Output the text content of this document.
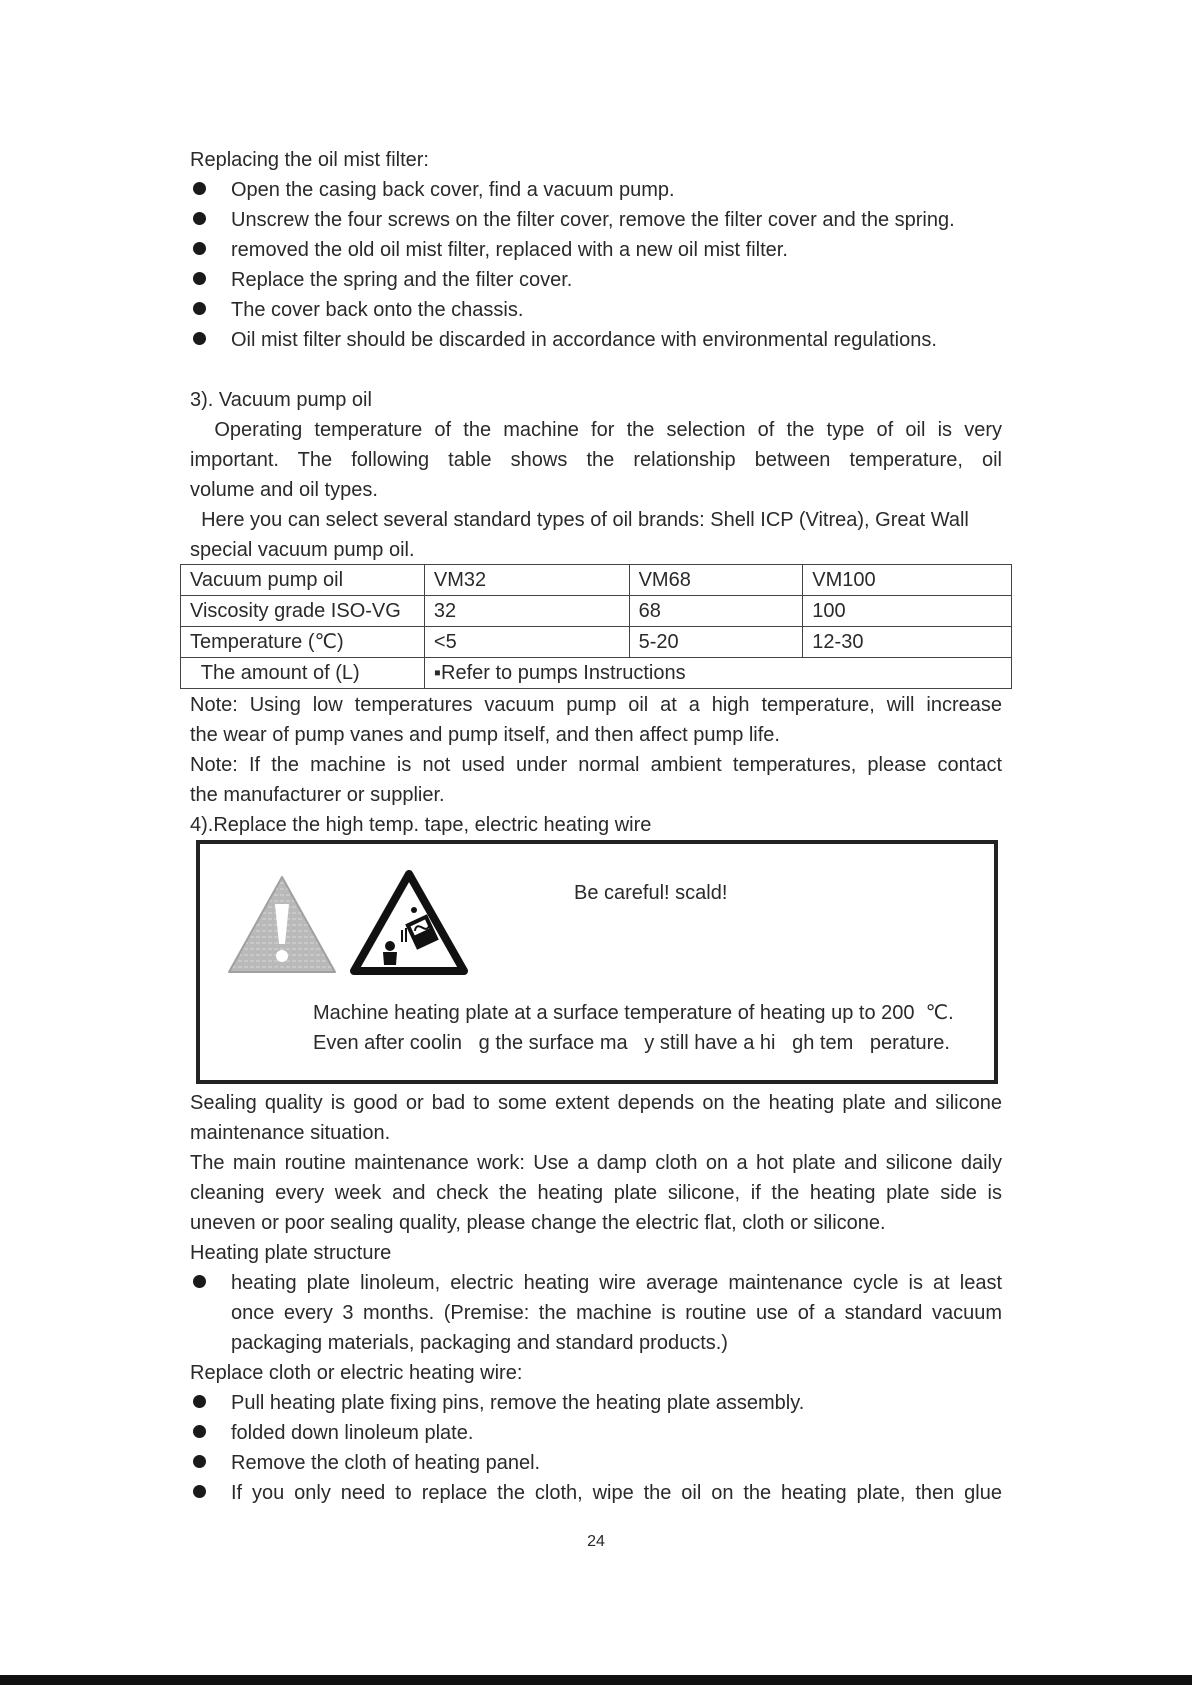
Replacing the oil mist filter:
Open the casing back cover, find a vacuum pump.
Unscrew the four screws on the filter cover, remove the filter cover and the spring.
removed the old oil mist filter, replaced with a new oil mist filter.
Replace the spring and the filter cover.
The cover back onto the chassis.
Oil mist filter should be discarded in accordance with environmental regulations.
3). Vacuum pump oil
Operating temperature of the machine for the selection of the type of oil is very
important. The following table shows the relationship between temperature, oil
volume and oil types.
Here you can select several standard types of oil brands: Shell ICP (Vitrea), Great Wall
special vacuum pump oil.
Vacuum pump oil	VM32	VM68	VM100
Viscosity grade ISO-VG	32	68	100
Temperature (℃)	<5	5-20	12-30
The amount of (L)	▪Refer to pumps Instructions		
Note: Using low temperatures vacuum pump oil at a high temperature, will increase
the wear of pump vanes and pump itself, and then affect pump life.
Note: If the machine is not used under normal ambient temperatures, please contact
the manufacturer or supplier.
4).Replace the high temp. tape, electric heating wire
Be careful! scald!
Machine heating plate at a surface temperature of heating up to 200  ℃.
Even after coolin   g the surface ma   y still have a hi   gh tem   perature.
Sealing quality is good or bad to some extent depends on the heating plate and silicone
maintenance situation.
The main routine maintenance work: Use a damp cloth on a hot plate and silicone daily
cleaning every week and check the heating plate silicone, if the heating plate side is
uneven or poor sealing quality, please change the electric flat, cloth or silicone.
Heating plate structure
heating plate linoleum, electric heating wire average maintenance cycle is at least
once every 3 months. (Premise: the machine is routine use of a standard vacuum
packaging materials, packaging and standard products.)
Replace cloth or electric heating wire:
Pull heating plate fixing pins, remove the heating plate assembly.
folded down linoleum plate.
Remove the cloth of heating panel.
If you only need to replace the cloth, wipe the oil on the heating plate, then glue
24
